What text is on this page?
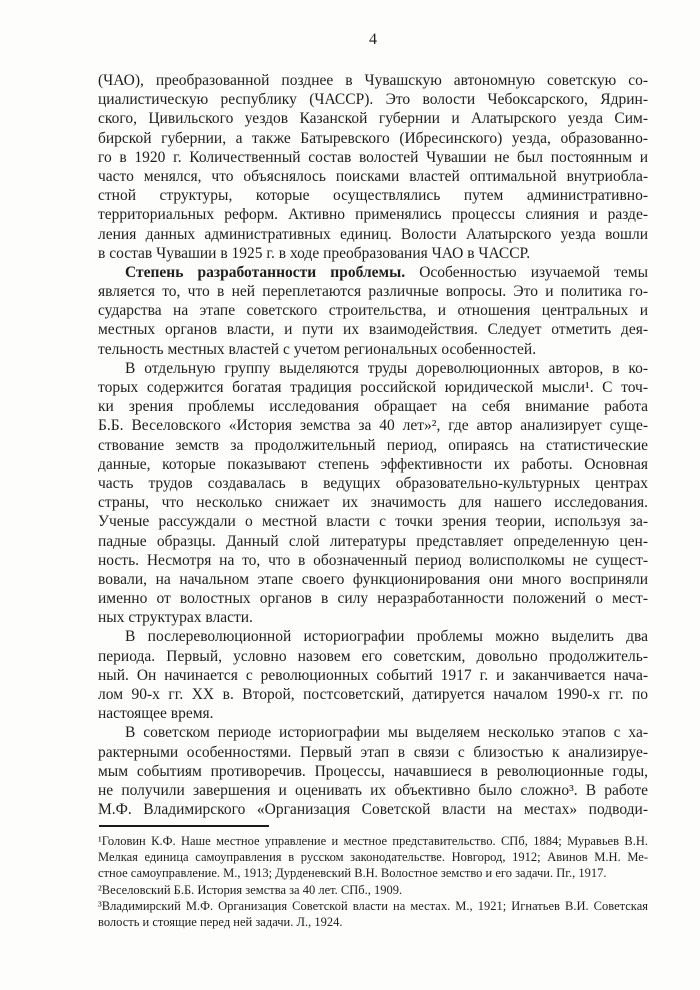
4
(ЧАО), преобразованной позднее в Чувашскую автономную советскую со-
циалистическую республику (ЧАССР). Это волости Чебоксарского, Ядрин-
ского, Цивильского уездов Казанской губернии и Алатырского уезда Сим-
бирской губернии, а также Батыревского (Ибресинского) уезда, образованно-
го в 1920 г. Количественный состав волостей Чувашии не был постоянным и
часто менялся, что объяснялось поисками властей оптимальной внутриобла-
стной структуры, которые осуществлялись путем административно-
территориальных реформ. Активно применялись процессы слияния и разде-
ления данных административных единиц. Волости Алатырского уезда вошли
в состав Чувашии в 1925 г. в ходе преобразования ЧАО в ЧАССР.
Степень разработанности проблемы. Особенностью изучаемой темы
является то, что в ней переплетаются различные вопросы. Это и политика го-
сударства на этапе советского строительства, и отношения центральных и
местных органов власти, и пути их взаимодействия. Следует отметить дея-
тельность местных властей с учетом региональных особенностей.
В отдельную группу выделяются труды дореволюционных авторов, в ко-
торых содержится богатая традиция российской юридической мысли¹. С точ-
ки зрения проблемы исследования обращает на себя внимание работа
Б.Б. Веселовского «История земства за 40 лет»², где автор анализирует суще-
ствование земств за продолжительный период, опираясь на статистические
данные, которые показывают степень эффективности их работы. Основная
часть трудов создавалась в ведущих образовательно-культурных центрах
страны, что несколько снижает их значимость для нашего исследования.
Ученые рассуждали о местной власти с точки зрения теории, используя за-
падные образцы. Данный слой литературы представляет определенную цен-
ность. Несмотря на то, что в обозначенный период волисполкомы не сущест-
вовали, на начальном этапе своего функционирования они много восприняли
именно от волостных органов в силу неразработанности положений о мест-
ных структурах власти.
В послереволюционной историографии проблемы можно выделить два
периода. Первый, условно назовем его советским, довольно продолжитель-
ный. Он начинается с революционных событий 1917 г. и заканчивается нача-
лом 90-х гг. XX в. Второй, постсоветский, датируется началом 1990-х гг. по
настоящее время.
В советском периоде историографии мы выделяем несколько этапов с ха-
рактерными особенностями. Первый этап в связи с близостью к анализируе-
мым событиям противоречив. Процессы, начавшиеся в революционные годы,
не получили завершения и оценивать их объективно было сложно³. В работе
М.Ф. Владимирского «Организация Советской власти на местах» подводи-
¹Головин К.Ф. Наше местное управление и местное представительство. СПб, 1884; Муравьев В.Н.
Мелкая единица самоуправления в русском законодательстве. Новгород, 1912; Авинов М.Н. Ме-
стное самоуправление. М., 1913; Дурденевский В.Н. Волостное земство и его задачи. Пг., 1917.
²Веселовский Б.Б. История земства за 40 лет. СПб., 1909.
³Владимирский М.Ф. Организация Советской власти на местах. М., 1921; Игнатьев В.И. Советская
волость и стоящие перед ней задачи. Л., 1924.
